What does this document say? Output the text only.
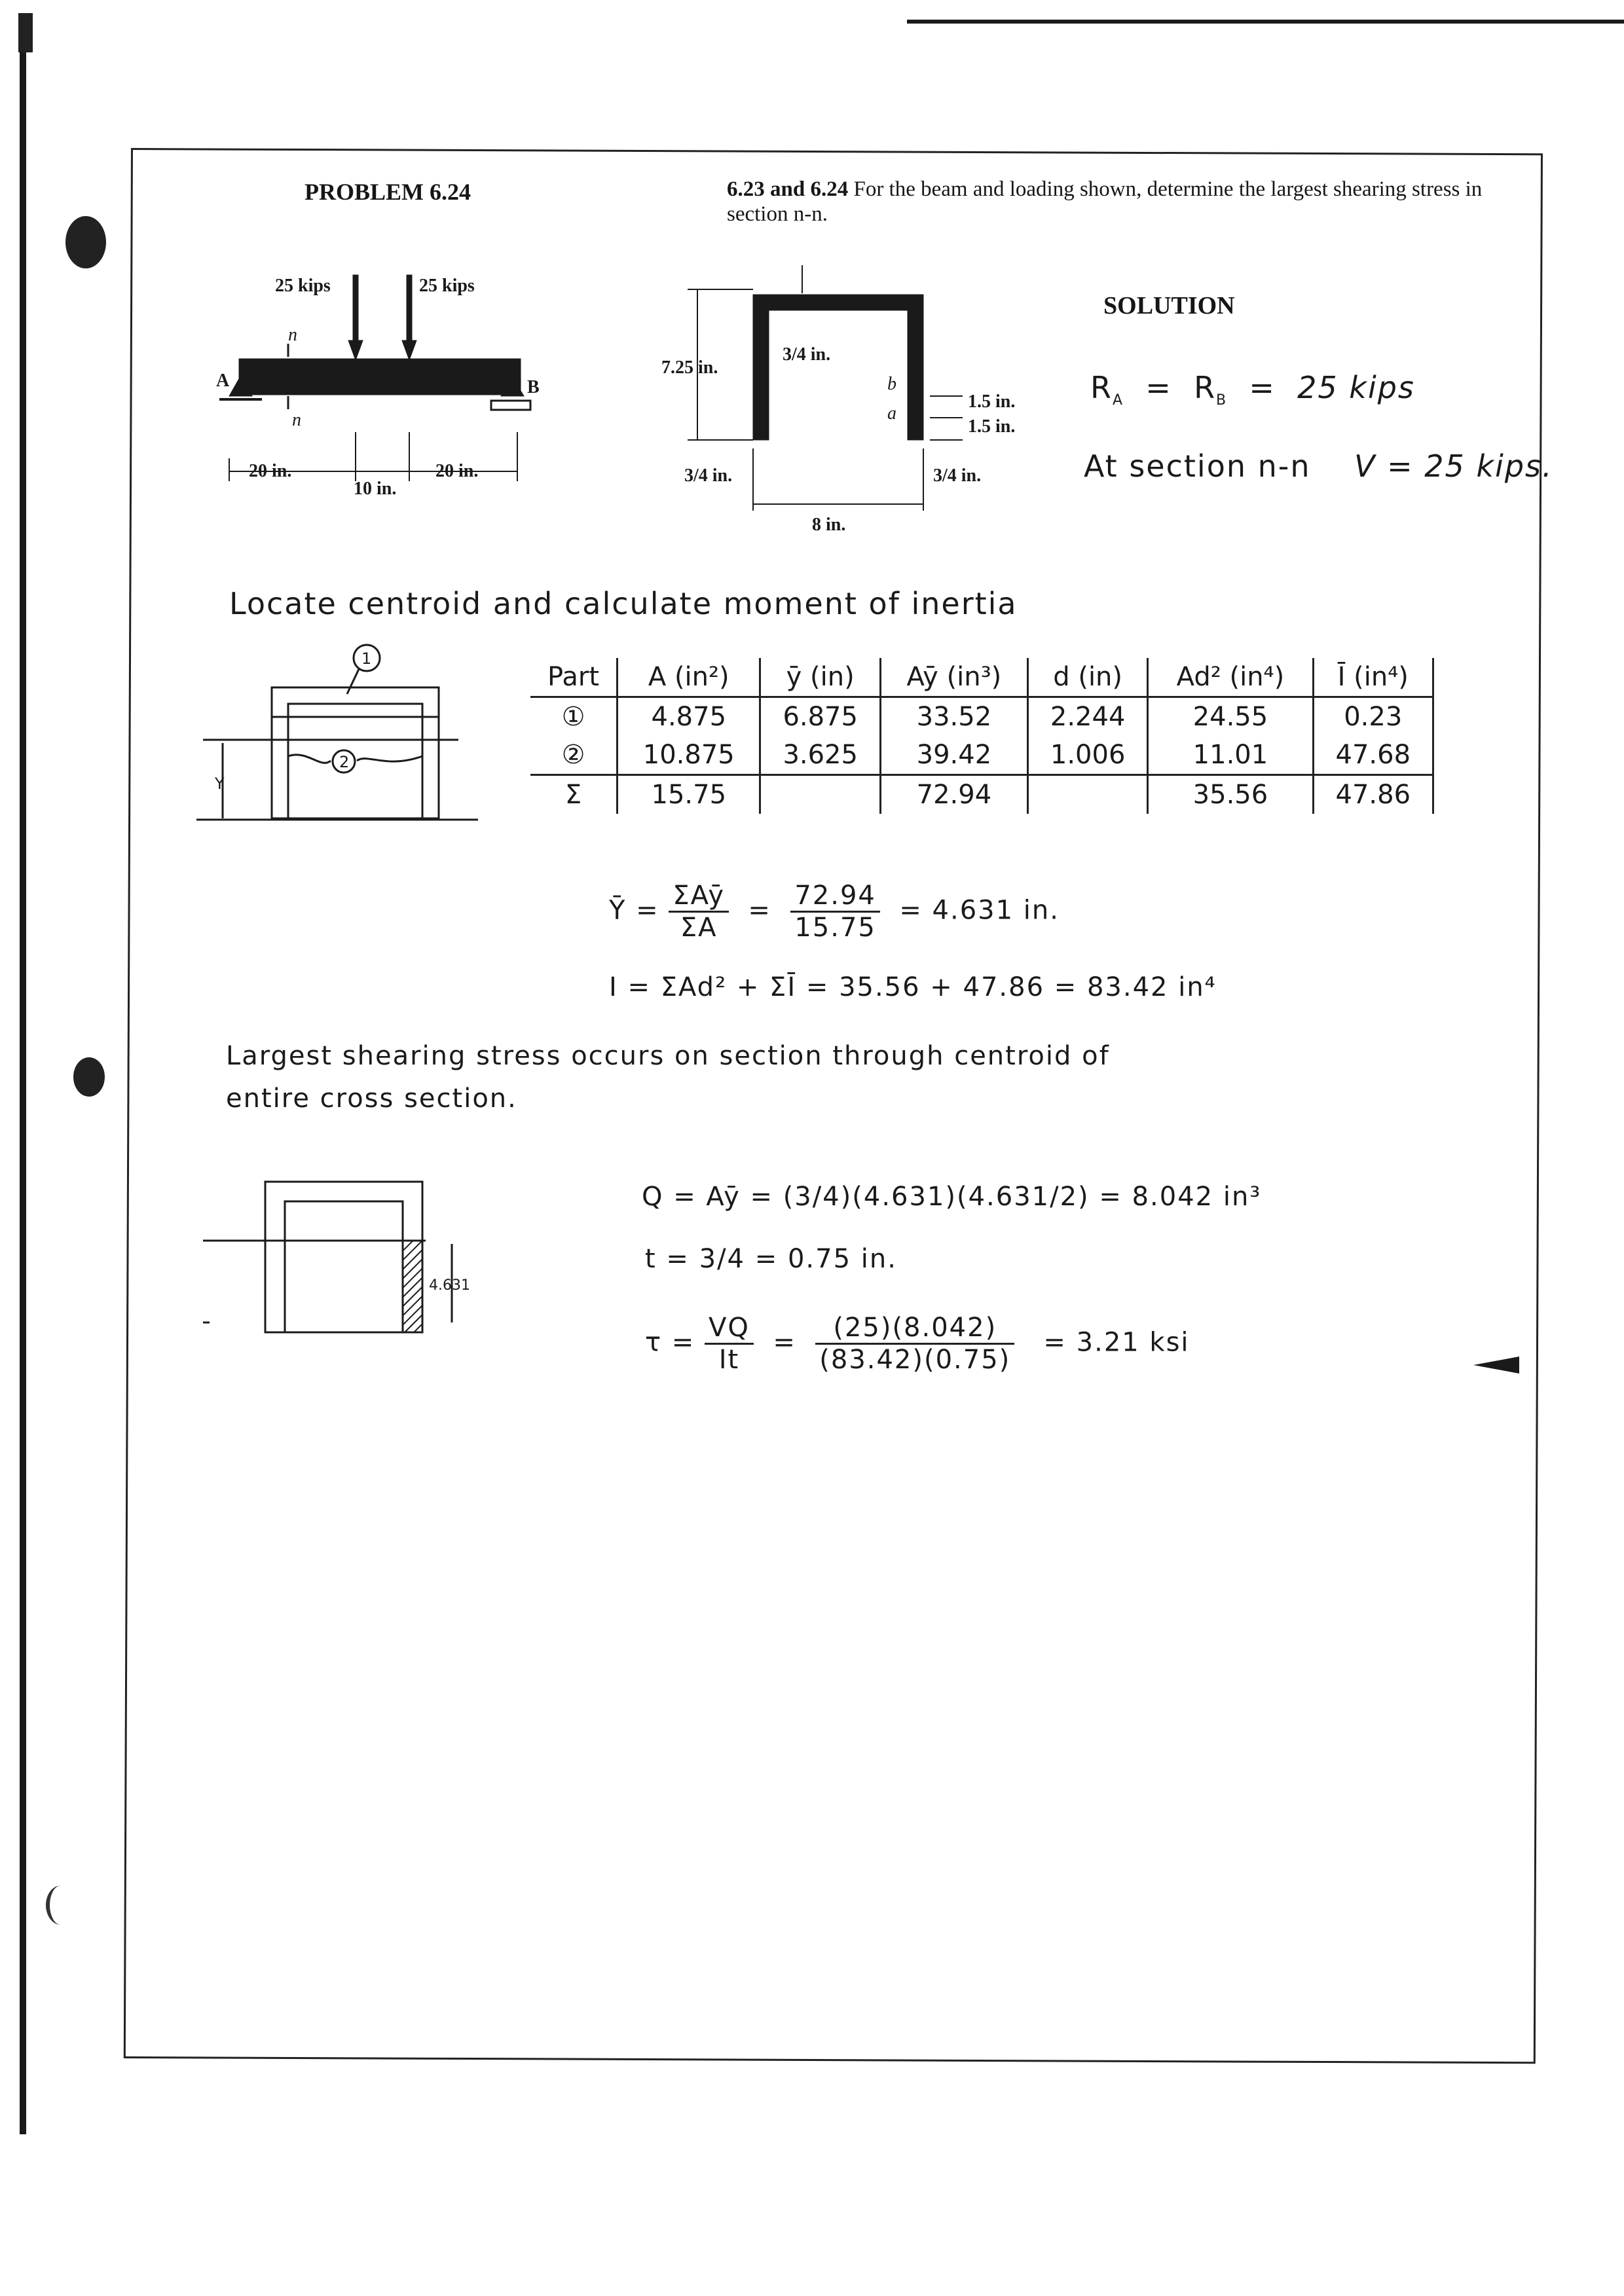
PROBLEM 6.24	6.23 and 6.24 For the beam and loading shown, determine the largest shearing stress in section n-n.
SOLUTION
25 kips	25 kips
A	B
n
n
20 in.
10 in.
20 in.
7.25 in.
3/4 in.
b
a
1.5 in.
1.5 in.
3/4 in.	3/4 in.
8 in.
$R_A = R_B = 25$ kips
At section n-n V = 25 kips.
Locate centroid and calculate moment of inertia
1
2
Y
Part	A (in²)	ȳ (in)	Aȳ (in³)	d (in)	Ad² (in⁴)	Ī (in⁴)
①	4.875	6.875	33.52	2.244	24.55	0.23
②	10.875	3.625	39.42	1.006	11.01	47.68
Σ	15.75		72.94		35.56	47.86
Ȳ = $\frac{\text{ΣAȳ}}{\Sigma A} = \frac{72.94}{15.75} = 4.631$ in.
I = ΣAd² + ΣĪ = 35.56 + 47.86 = 83.42 in⁴
Largest shearing stress occurs on section through centroid of
entire cross section.
4.631
Q = Aȳ = (3/4)(4.631)(4.631/2) = 8.042 in³
t = 3/4 = 0.75 in.
$\tau = \frac{VQ}{It} = \frac{(25)(8.042)}{(83.42)(0.75)} = 3.21$ ksi
